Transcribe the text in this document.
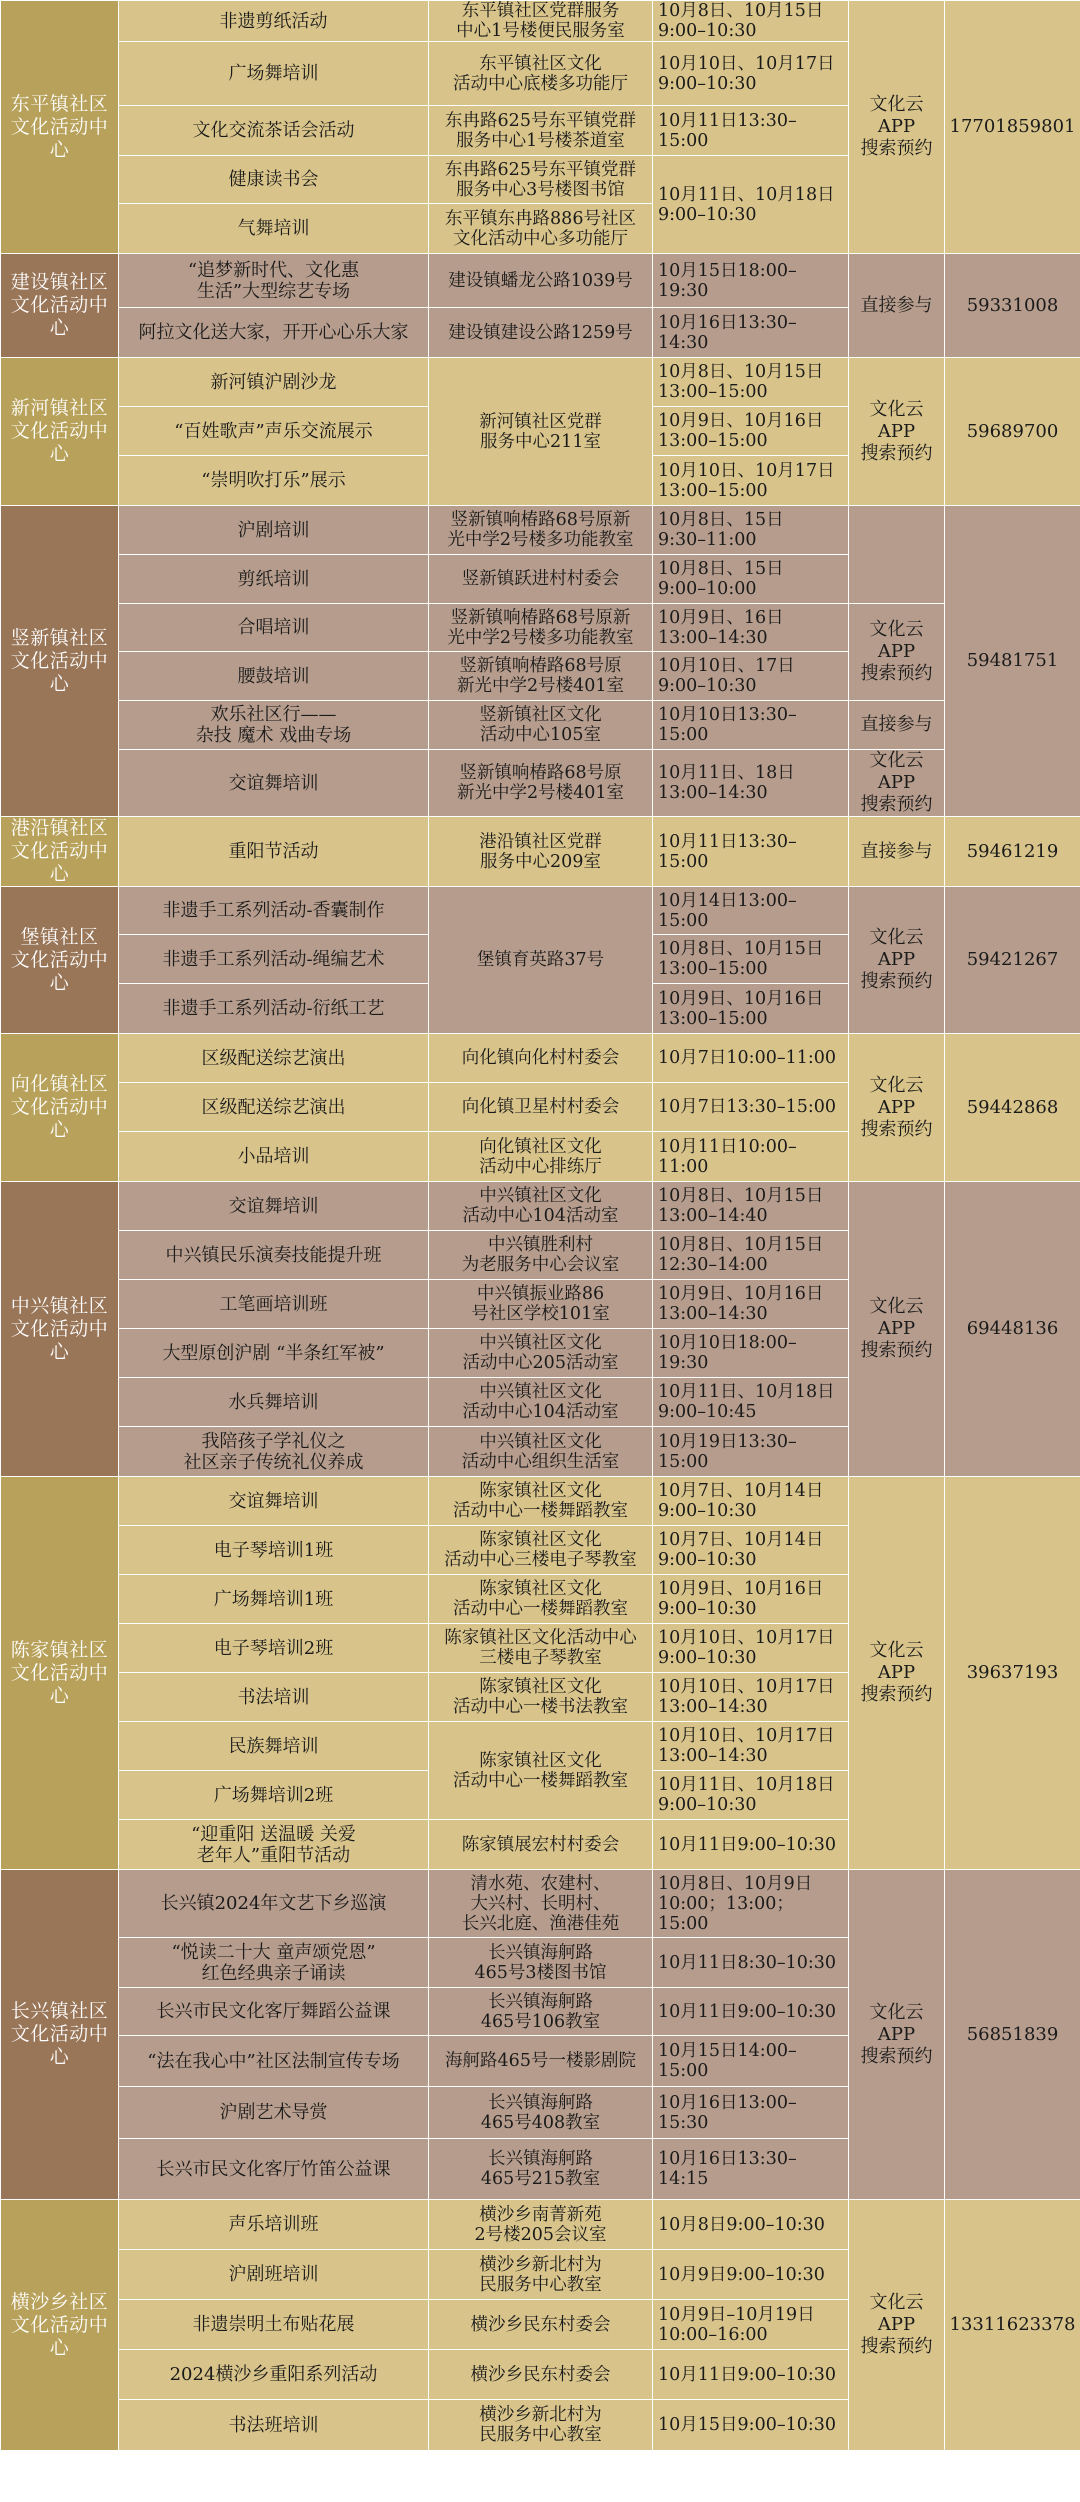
东平镇社区
文化活动中心	非遗剪纸活动	东平镇社区党群服务
中心1号楼便民服务室	10月8日、10月15日
9:00–10:30	文化云APP
搜索预约	17701859801
	广场舞培训	东平镇社区文化
活动中心底楼多功能厅	10月10日、10月17日
9:00–10:30		
	文化交流茶话会活动	东冉路625号东平镇党群
服务中心1号楼茶道室	10月11日13:30–15:00		
	健康读书会	东冉路625号东平镇党群
服务中心3号楼图书馆	10月11日、10月18日
9:00–10:30		
	气舞培训	东平镇东冉路886号社区
文化活动中心多功能厅			
建设镇社区
文化活动中心	“追梦新时代、文化惠
生活”大型综艺专场	建设镇蟠龙公路1039号	10月15日18:00–19:30	直接参与	59331008
	阿拉文化送大家，开开心心乐大家	建设镇建设公路1259号	10月16日13:30–14:30		
新河镇社区
文化活动中心	新河镇沪剧沙龙	新河镇社区党群
服务中心211室	10月8日、10月15日
13:00–15:00	文化云APP
搜索预约	59689700
	“百姓歌声”声乐交流展示		10月9日、10月16日
13:00–15:00		
	“崇明吹打乐”展示		10月10日、10月17日
13:00–15:00		
竖新镇社区
文化活动中心	沪剧培训	竖新镇响椿路68号原新
光中学2号楼多功能教室	10月8日、15日
9:30–11:00		59481751
	剪纸培训	竖新镇跃进村村委会	10月8日、15日
9:00–10:00		
	合唱培训	竖新镇响椿路68号原新
光中学2号楼多功能教室	10月9日、16日
13:00–14:30	文化云APP
搜索预约	
	腰鼓培训	竖新镇响椿路68号原
新光中学2号楼401室	10月10日、17日
9:00–10:30		
	欢乐社区行——
杂技 魔术 戏曲专场	竖新镇社区文化
活动中心105室	10月10日13:30–15:00	直接参与	
	交谊舞培训	竖新镇响椿路68号原
新光中学2号楼401室	10月11日、18日
13:00–14:30	文化云APP
搜索预约	
港沿镇社区
文化活动中心	重阳节活动	港沿镇社区党群
服务中心209室	10月11日13:30–15:00	直接参与	59461219
堡镇社区
文化活动中心	非遗手工系列活动-香囊制作	堡镇育英路37号	10月14日13:00–15:00	文化云APP
搜索预约	59421267
	非遗手工系列活动-绳编艺术		10月8日、10月15日
13:00–15:00		
	非遗手工系列活动-衍纸工艺		10月9日、10月16日
13:00–15:00		
向化镇社区
文化活动中心	区级配送综艺演出	向化镇向化村村委会	10月7日10:00–11:00	文化云APP
搜索预约	59442868
	区级配送综艺演出	向化镇卫星村村委会	10月7日13:30–15:00		
	小品培训	向化镇社区文化
活动中心排练厅	10月11日10:00–11:00		
中兴镇社区
文化活动中心	交谊舞培训	中兴镇社区文化
活动中心104活动室	10月8日、10月15日
13:00–14:40	文化云APP
搜索预约	69448136
	中兴镇民乐演奏技能提升班	中兴镇胜利村
为老服务中心会议室	10月8日、10月15日
12:30–14:00		
	工笔画培训班	中兴镇振业路86
号社区学校101室	10月9日、10月16日
13:00–14:30		
	大型原创沪剧 “半条红军被”	中兴镇社区文化
活动中心205活动室	10月10日18:00–19:30		
	水兵舞培训	中兴镇社区文化
活动中心104活动室	10月11日、10月18日
9:00–10:45		
	我陪孩子学礼仪之
社区亲子传统礼仪养成	中兴镇社区文化
活动中心组织生活室	10月19日13:30–15:00		
陈家镇社区
文化活动中心	交谊舞培训	陈家镇社区文化
活动中心一楼舞蹈教室	10月7日、10月14日
9:00–10:30	文化云APP
搜索预约	39637193
	电子琴培训1班	陈家镇社区文化
活动中心三楼电子琴教室	10月7日、10月14日
9:00–10:30		
	广场舞培训1班	陈家镇社区文化
活动中心一楼舞蹈教室	10月9日、10月16日
9:00–10:30		
	电子琴培训2班	陈家镇社区文化活动中心
三楼电子琴教室	10月10日、10月17日
9:00–10:30		
	书法培训	陈家镇社区文化
活动中心一楼书法教室	10月10日、10月17日
13:00–14:30		
	民族舞培训	陈家镇社区文化
活动中心一楼舞蹈教室	10月10日、10月17日
13:00–14:30		
	广场舞培训2班		10月11日、10月18日
9:00–10:30		
	“迎重阳 送温暖 关爱
老年人”重阳节活动	陈家镇展宏村村委会	10月11日9:00–10:30		
长兴镇社区
文化活动中心	长兴镇2024年文艺下乡巡演	清水苑、农建村、
大兴村、长明村、
长兴北庭、渔港佳苑	10月8日、10月9日
10:00；13:00；
15:00	文化云APP
搜索预约	56851839
	“悦读二十大 童声颂党恩”
红色经典亲子诵读	长兴镇海舸路
465号3楼图书馆	10月11日8:30–10:30		
	长兴市民文化客厅舞蹈公益课	长兴镇海舸路
465号106教室	10月11日9:00–10:30		
	“法在我心中”社区法制宣传专场	海舸路465号一楼影剧院	10月15日14:00–15:00		
	沪剧艺术导赏	长兴镇海舸路
465号408教室	10月16日13:00–15:30		
	长兴市民文化客厅竹笛公益课	长兴镇海舸路
465号215教室	10月16日13:30–14:15		
横沙乡社区
文化活动中心	声乐培训班	横沙乡南菁新苑
2号楼205会议室	10月8日9:00–10:30	文化云APP
搜索预约	13311623378
	沪剧班培训	横沙乡新北村为
民服务中心教室	10月9日9:00–10:30		
	非遗崇明土布贴花展	横沙乡民东村委会	10月9日–10月19日
10:00–16:00		
	2024横沙乡重阳系列活动	横沙乡民东村委会	10月11日9:00–10:30		
	书法班培训	横沙乡新北村为
民服务中心教室	10月15日9:00–10:30		
